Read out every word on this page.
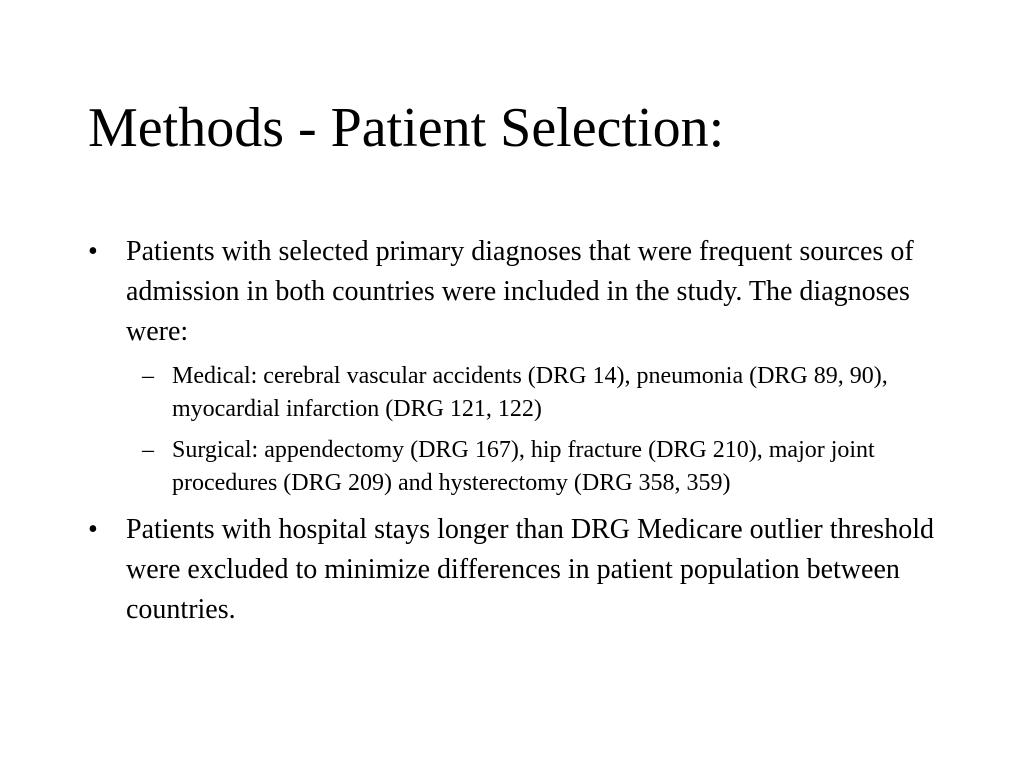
Methods - Patient Selection:
• Patients with selected primary diagnoses that were frequent sources of admission in both countries were included in the study. The diagnoses were:
– Medical: cerebral vascular accidents (DRG 14), pneumonia (DRG 89, 90), myocardial infarction (DRG 121, 122)
– Surgical: appendectomy (DRG 167), hip fracture (DRG 210), major joint procedures (DRG 209) and hysterectomy (DRG 358, 359)
• Patients with hospital stays longer than DRG Medicare outlier threshold were excluded to minimize differences in patient population between countries.
